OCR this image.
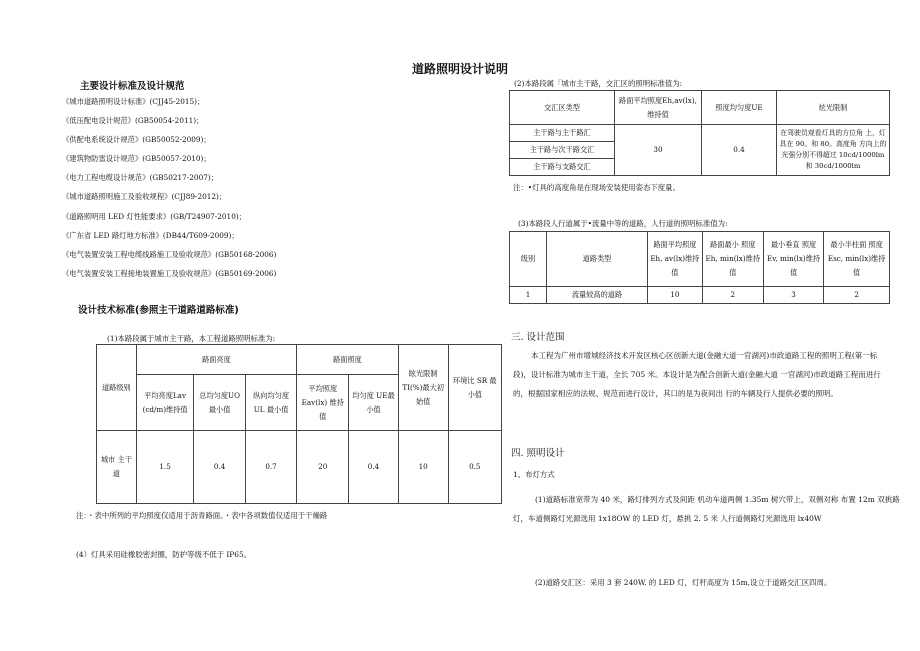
道路照明设计说明
主要设计标准及设计规范
《城市道路照明设计标准》(CJJ45-2015)；
《低压配电设计规范》(GB50054-2011)；
《供配电系统设计规范》(GB50052-2009)；
《建筑物防雷设计规范》(GB50057-2010)；
《电力工程电缆设计规范》(GB50217-2007)；
《城市道路照明施工及验收规程》(CJJ89-2012)；
《道路照明用 LED 灯性能要求》(GB/T24907-2010)；
《广东省 LED 路灯地方标准》(DB44/T609-2009)；
《电气装置安装工程电缆线路施工及验收规范》(GB50168-2006)
《电气装置安装工程接地装置施工及验收规范》(GB50169-2006)
设计技术标准(参照主干道路道路标准)
(1)本路段属于城市主干路，本工程道路照明标准为:
道路级别	路面亮度			路面照度		眩光限制TI(%)最大初始值	环境比 SR 最小值
	平均亮度Lav (cd/m)维持值	总均匀度UO 最小值	纵向均匀度UL 最小值	平均照度Eav(lx) 维持值	均匀度 UE最小值		
城市 主干道	1.5	0.4	0.7	20	0.4	10	0.5
注：・表中所列的平均照度仅适用于沥青路面。・表中各项数值仅适用于干燥路
(4）灯具采用硅橡胶密封圈，防护等级不低于 IP65。
(2)本路段属「城市主干路，交汇区的照明标准值为:
交汇区类型	路面平均照度Eh,av(lx),维持值	照度均匀度UE	炫光限制
主干路与主干路汇	30	0.4	在驾驶员观看灯具的方位角 上，灯具在 90。和 80。高度角 方向上的光强分别不得超过 10cd/1000lm 和 30cd/1000lm
主干路与次干路交汇			
主干路与支路交汇			
注：•灯具的高度角是在现场安装使用姿态下度量。
(3)本路段人行道属于•流量中等的道路，人行道的照明标准值为:
级别	道路类型	路面平均照度Eh, av(lx)维持值	路面最小 照度Eh, min(lx)维持值	最小垂直 照度Ev, min(lx)维持值	最小半柱面 照度 Esc, min(lx)维持值
1	流量较高的道路	10	2	3	2
三. 设计范围
本工程为广州市增城经济技术开发区核心区创新大道(金融大道一官湖河)市政道路工程的照明工程(第一标段)，设计标准为城市主干道，全长 705 米。本设计是为配合创新大道(金融大道 一官湖河)市政道路工程而进行的，根据国家相应的法规、规范而进行设计，其口的是为夜间出 行的车辆及行人提供必要的照明。
四. 照明设计
1、布灯方式
(1)道路标准宽带为 40 米，路灯排列方式及间距 机动车道两侧 1.35m 树穴带上，双侧对称 布置 12m 双挑路灯，车道侧路灯光源选用 1x18OW 的 LED 灯，悬挑 2. 5 米 人行道侧路灯光源选用 lx40W
(2)道路交汇区：采用 3 套 240W. 的 LED 灯，灯杆高度为 15m,设立于道路交汇区四周。
